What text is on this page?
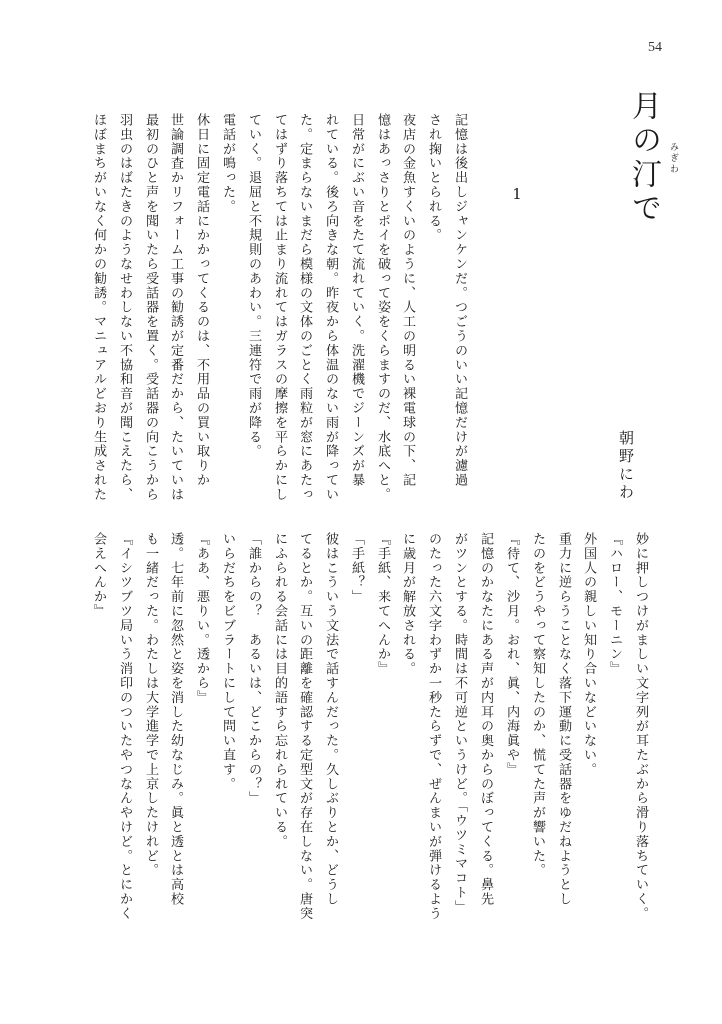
54
月の汀で みぎわ
朝野にわ
1
記憶は後出しジャンケンだ。つごうのいい記憶だけが濾過
され掬いとられる。
夜店の金魚すくいのように、人工の明るい裸電球の下、記
憶はあっさりとポイを破って姿をくらますのだ、水底へと。
日常がにぶい音をたて流れていく。洗濯機でジーンズが暴
れている。後ろ向きな朝。昨夜から体温のない雨が降ってい
た。定まらないまだら模様の文体のごとく雨粒が窓にあたっ
てはずり落ちては止まり流れてはガラスの摩擦を平らかにし
ていく。退屈と不規則のあわい。三連符で雨が降る。
電話が鳴った。
休日に固定電話にかかってくるのは、不用品の買い取りか
世論調査かリフォーム工事の勧誘が定番だから、たいていは
最初のひと声を聞いたら受話器を置く。受話器の向こうから
羽虫のはばたきのようなせわしない不協和音が聞こえたら、
ほぼまちがいなく何かの勧誘。マニュアルどおり生成された
妙に押しつけがましい文字列が耳たぶから滑り落ちていく。
『ハロー、モーニン』
外国人の親しい知り合いなどいない。
重力に逆らうことなく落下運動に受話器をゆだねようとし
たのをどうやって察知したのか、慌てた声が響いた。
『待て、沙月。おれ、眞、内海眞や』
記憶のかなたにある声が内耳の奥からのぼってくる。鼻先
がツンとする。時間は不可逆というけど。「ウツミマコト」
のたった六文字わずか一秒たらずで、ぜんまいが弾けるよう
に歳月が解放される。
『手紙、来てへんか』
「手紙？」
彼はこういう文法で話すんだった。久しぶりとか、どうし
てるとか。互いの距離を確認する定型文が存在しない。唐突
にふられる会話には目的語すら忘れられている。
「誰からの？　あるいは、どこからの？」
いらだちをビブラートにして問い直す。
『ああ、悪りい。透から』
透。七年前に忽然と姿を消した幼なじみ。眞と透とは高校
も一緒だった。わたしは大学進学で上京したけれど。
『イシツブツ局いう消印のついたやつなんやけど。とにかく
会えへんか』
